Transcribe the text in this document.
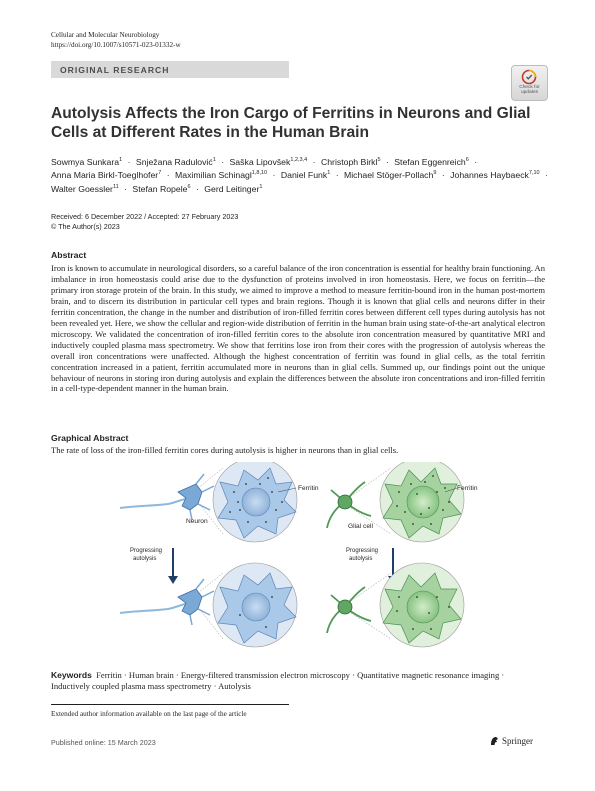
Cellular and Molecular Neurobiology
https://doi.org/10.1007/s10571-023-01332-w
ORIGINAL RESEARCH
Check for
updates
Autolysis Affects the Iron Cargo of Ferritins in Neurons and Glial Cells at Different Rates in the Human Brain
Sowmya Sunkara$^1$ · Snježana Radulović$^1$ · Saška Lipovšek$^{1,2,3,4}$ · Christoph Birkl$^5$ · Stefan Eggenreich$^6$ · Anna Maria Birkl-Toeglhofer$^7$ · Maximilian Schinagl$^{1,8,10}$ · Daniel Funk$^1$ · Michael Stöger-Pollach$^9$ · Johannes Haybaeck$^{7,10}$ · Walter Goessler$^{11}$ · Stefan Ropele$^6$ · Gerd Leitinger$^1$
Received: 6 December 2022 / Accepted: 27 February 2023
© The Author(s) 2023
Abstract
Iron is known to accumulate in neurological disorders, so a careful balance of the iron concentration is essential for healthy brain functioning. An imbalance in iron homeostasis could arise due to the dysfunction of proteins involved in iron homeostasis. Here, we focus on ferritin—the primary iron storage protein of the brain. In this study, we aimed to improve a method to measure ferritin-bound iron in the human post-mortem brain, and to discern its distribution in particular cell types and brain regions. Though it is known that glial cells and neurons differ in their ferritin concentration, the change in the number and distribution of iron-filled ferritin cores between different cell types during autolysis has not been revealed yet. Here, we show the cellular and region-wide distribution of ferritin in the human brain using state-of-the-art analytical electron microscopy. We validated the concentration of iron-filled ferritin cores to the absolute iron concentration measured by quantitative MRI and inductively coupled plasma mass spectrometry. We show that ferritins lose iron from their cores with the progression of autolysis whereas the overall iron concentrations were unaffected. Although the highest concentration of ferritin was found in glial cells, as the total ferritin concentration increased in a patient, ferritin accumulated more in neurons than in glial cells. Summed up, our findings point out the unique behaviour of neurons in storing iron during autolysis and explain the differences between the absolute iron concentrations and iron-filled ferritin in a cell-type-dependent manner in the human brain.
Graphical Abstract
The rate of loss of the iron-filled ferritin cores during autolysis is higher in neurons than in glial cells.
Ferritin
Neuron
Progressing
autolysis
Ferritin
Glial cell
Progressing
autolysis
Keywords Ferritin · Human brain · Energy-filtered transmission electron microscopy · Quantitative magnetic resonance imaging · Inductively coupled plasma mass spectrometry · Autolysis
Extended author information available on the last page of the article
Published online: 15 March 2023	Springer
